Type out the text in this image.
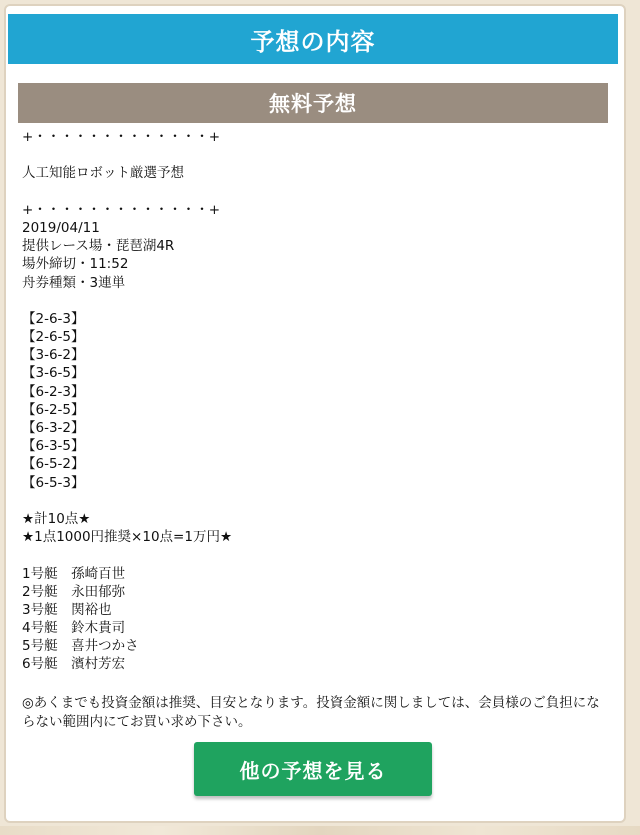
予想の内容
無料予想
+・・・・・・・・・・・・・+
人工知能ロボット厳選予想
+・・・・・・・・・・・・・+
2019/04/11
提供レース場・琵琶湖4R
場外締切・11:52
舟券種類・3連単
【2-6-3】
【2-6-5】
【3-6-2】
【3-6-5】
【6-2-3】
【6-2-5】
【6-3-2】
【6-3-5】
【6-5-2】
【6-5-3】
★計10点★
★1点1000円推奨×10点=1万円★
1号艇　孫崎百世
2号艇　永田郁弥
3号艇　関裕也
4号艇　鈴木貴司
5号艇　喜井つかさ
6号艇　濱村芳宏
◎あくまでも投資金額は推奨、目安となります。投資金額に関しましては、会員様のご負担にならない範囲内にてお買い求め下さい。
他の予想を見る
